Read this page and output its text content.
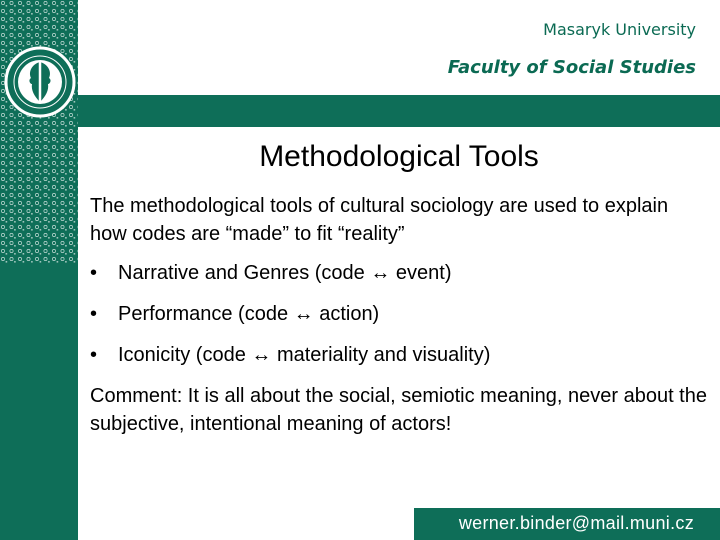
Masaryk University
Faculty of Social Studies
Methodological Tools
The methodological tools of cultural sociology are used to explain how codes are “made” to fit “reality”
• Narrative and Genres (code ↔ event)
• Performance (code ↔ action)
• Iconicity (code ↔ materiality and visuality)
Comment: It is all about the social, semiotic meaning, never about the subjective, intentional meaning of actors!
werner.binder@mail.muni.cz
